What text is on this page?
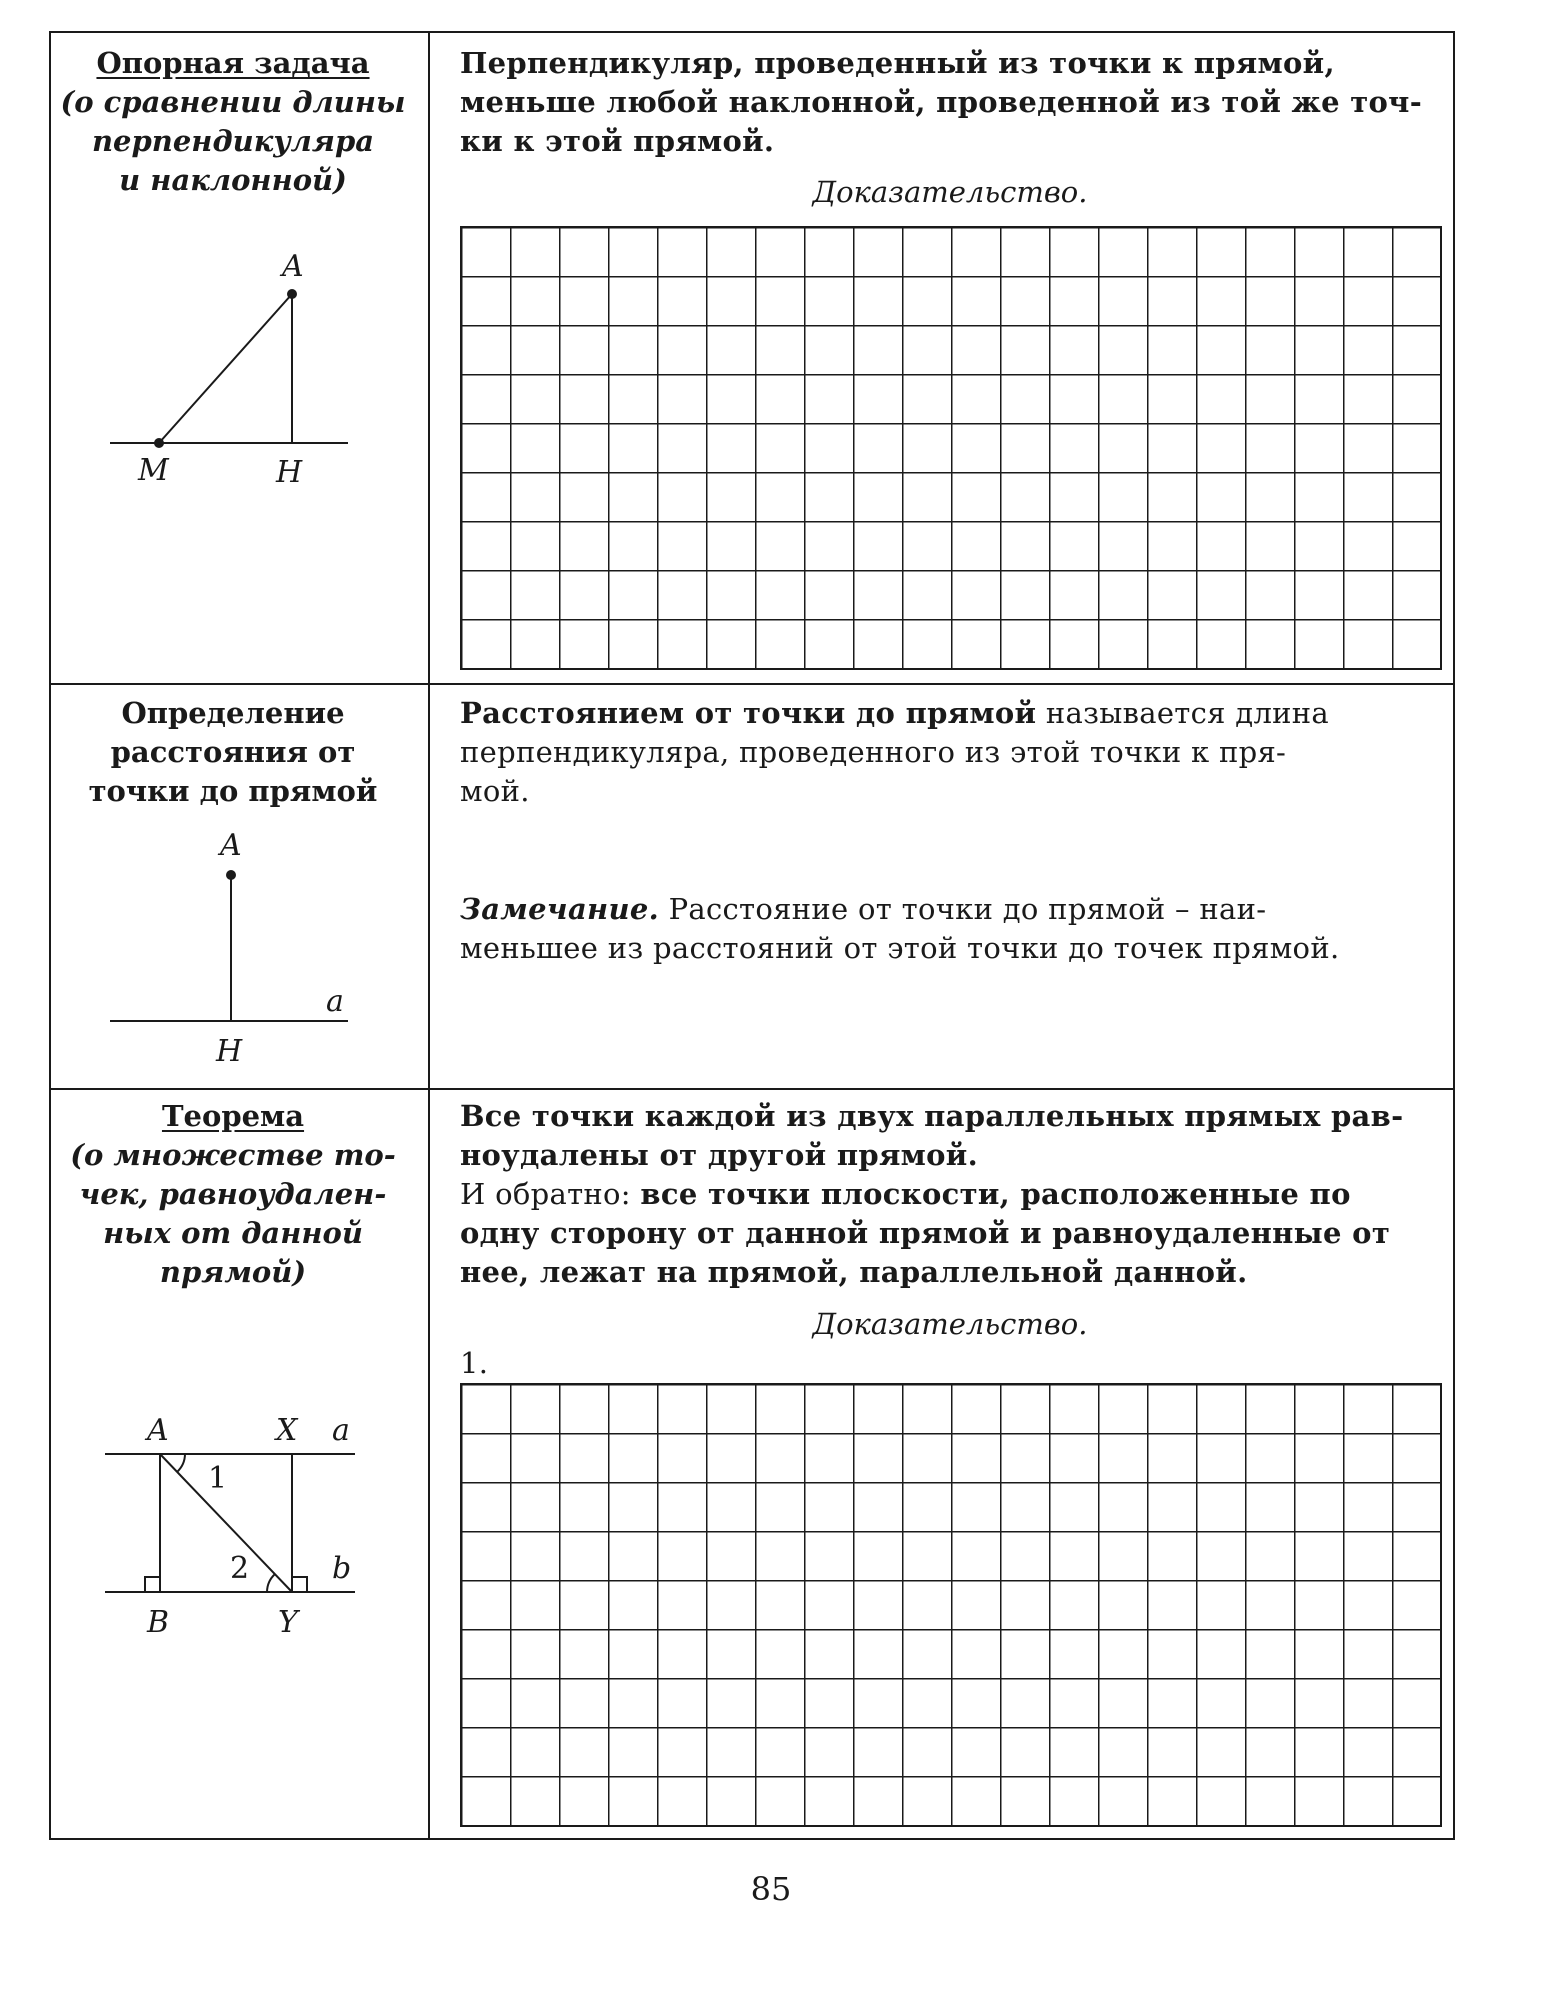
Опорная задача
(о сравнении длины
перпендикуляра
и наклонной)
A
M	H
Перпендикуляр, проведенный из точки к прямой,
меньше любой наклонной, проведенной из той же точ-
ки к этой прямой.
Доказательство.
Определение
расстояния от
точки до прямой
A
a
H
Расстоянием от точки до прямой называется длина
перпендикуляра, проведенного из этой точки к пря-
мой.
Замечание. Расстояние от точки до прямой – наи-
меньшее из расстояний от этой точки до точек прямой.
Теорема
(о множестве то-
чек, равноудален-
ных от данной
прямой)
A	X a
b
B	Y
1
2
Все точки каждой из двух параллельных прямых рав-
ноудалены от другой прямой.
И обратно: все точки плоскости, расположенные по
одну сторону от данной прямой и равноудаленные от
нее, лежат на прямой, параллельной данной.
Доказательство.
1.
85
